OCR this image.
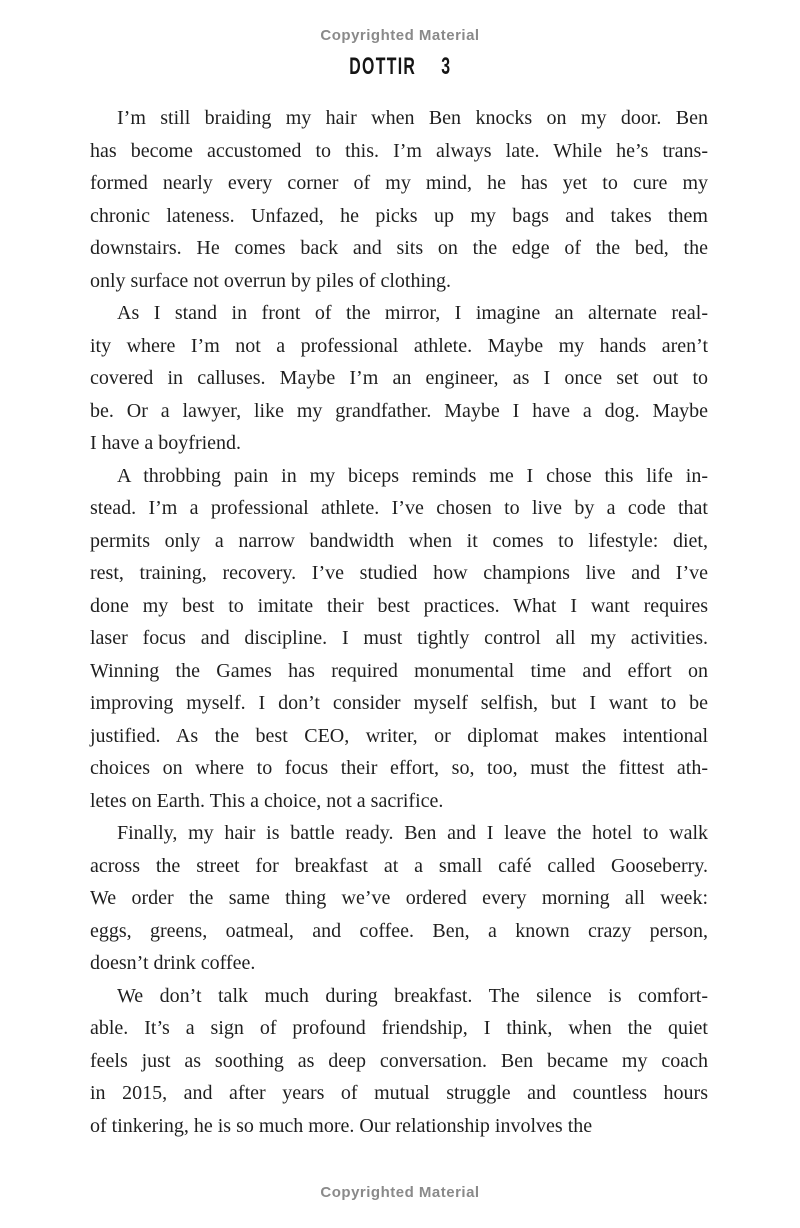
Copyrighted Material
DOTTIR 3
I’m still braiding my hair when Ben knocks on my door. Ben
has become accustomed to this. I’m always late. While he’s trans-
formed nearly every corner of my mind, he has yet to cure my
chronic lateness. Unfazed, he picks up my bags and takes them
downstairs. He comes back and sits on the edge of the bed, the
only surface not overrun by piles of clothing.
As I stand in front of the mirror, I imagine an alternate real-
ity where I’m not a professional athlete. Maybe my hands aren’t
covered in calluses. Maybe I’m an engineer, as I once set out to
be. Or a lawyer, like my grandfather. Maybe I have a dog. Maybe
I have a boyfriend.
A throbbing pain in my biceps reminds me I chose this life in-
stead. I’m a professional athlete. I’ve chosen to live by a code that
permits only a narrow bandwidth when it comes to lifestyle: diet,
rest, training, recovery. I’ve studied how champions live and I’ve
done my best to imitate their best practices. What I want requires
laser focus and discipline. I must tightly control all my activities.
Winning the Games has required monumental time and effort on
improving myself. I don’t consider myself selfish, but I want to be
justified. As the best CEO, writer, or diplomat makes intentional
choices on where to focus their effort, so, too, must the fittest ath-
letes on Earth. This a choice, not a sacrifice.
Finally, my hair is battle ready. Ben and I leave the hotel to walk
across the street for breakfast at a small café called Gooseberry.
We order the same thing we’ve ordered every morning all week:
eggs, greens, oatmeal, and coffee. Ben, a known crazy person,
doesn’t drink coffee.
We don’t talk much during breakfast. The silence is comfort-
able. It’s a sign of profound friendship, I think, when the quiet
feels just as soothing as deep conversation. Ben became my coach
in 2015, and after years of mutual struggle and countless hours
of tinkering, he is so much more. Our relationship involves the
Copyrighted Material
